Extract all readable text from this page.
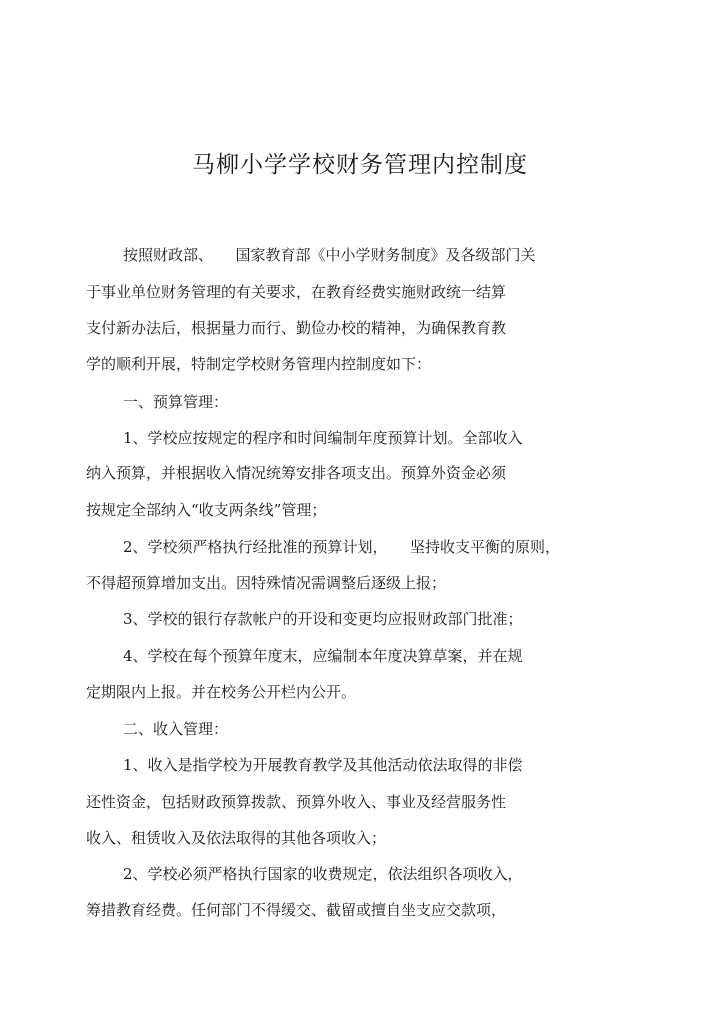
马柳小学学校财务管理内控制度
按照财政部、　　国家教育部《中小学财务制度》及各级部门关
于事业单位财务管理的有关要求，在教育经费实施财政统一结算
支付新办法后，根据量力而行、勤俭办校的精神，为确保教育教
学的顺利开展，特制定学校财务管理内控制度如下：
一、预算管理：
1、学校应按规定的程序和时间编制年度预算计划。全部收入
纳入预算，并根据收入情况统筹安排各项支出。预算外资金必须
按规定全部纳入“收支两条线”管理；
2、学校须严格执行经批准的预算计划，　　坚持收支平衡的原则，
不得超预算增加支出。因特殊情况需调整后逐级上报；
3、学校的银行存款帐户的开设和变更均应报财政部门批准；
4、学校在每个预算年度末，应编制本年度决算草案，并在规
定期限内上报。并在校务公开栏内公开。
二、收入管理：
1、收入是指学校为开展教育教学及其他活动依法取得的非偿
还性资金，包括财政预算拨款、预算外收入、事业及经营服务性
收入、租赁收入及依法取得的其他各项收入；
2、学校必须严格执行国家的收费规定，依法组织各项收入，
筹措教育经费。任何部门不得缓交、截留或擅自坐支应交款项，
